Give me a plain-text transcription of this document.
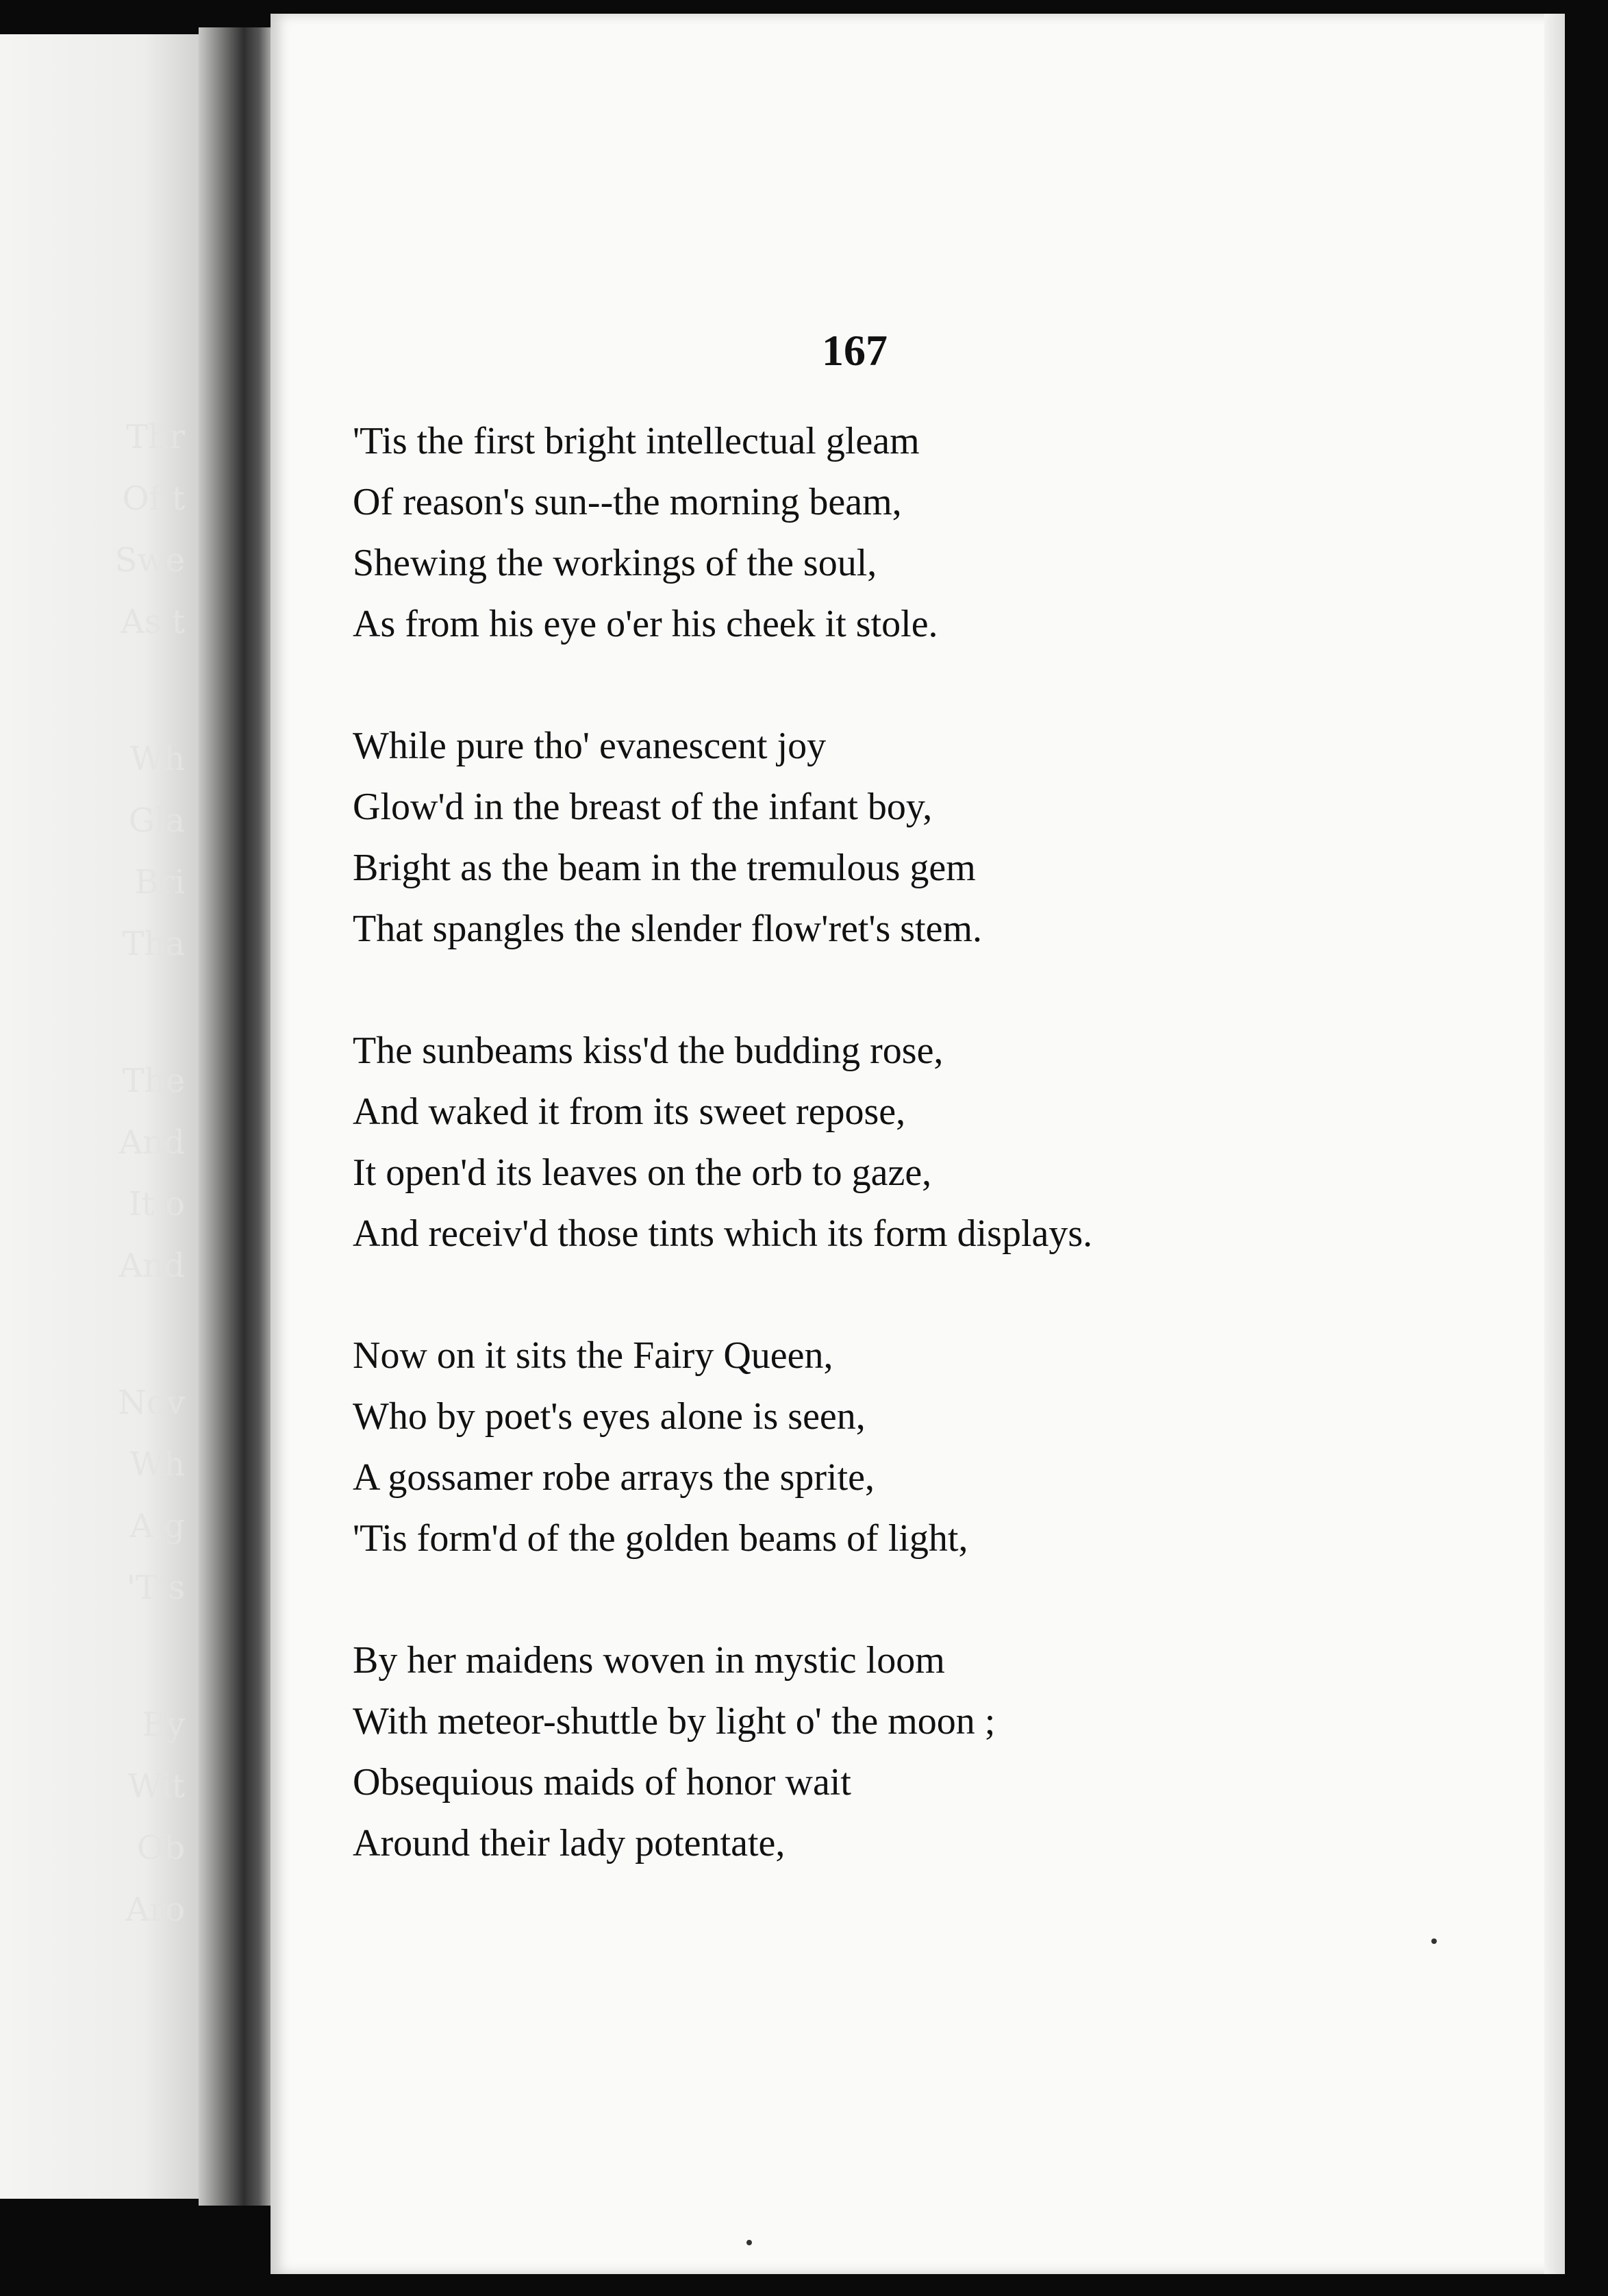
Thr
Of t
Swe
As t
Wh
Gla
Bri
Tha
The
And
It o
And
Nov
Wh
A g
'Tis
By
Wit
Ob
Aro
167
'Tis the first bright intellectual gleam
Of reason's sun--the morning beam,
Shewing the workings of the soul,
As from his eye o'er his cheek it stole.
While pure tho' evanescent joy
Glow'd in the breast of the infant boy,
Bright as the beam in the tremulous gem
That spangles the slender flow'ret's stem.
The sunbeams kiss'd the budding rose,
And waked it from its sweet repose,
It open'd its leaves on the orb to gaze,
And receiv'd those tints which its form displays.
Now on it sits the Fairy Queen,
Who by poet's eyes alone is seen,
A gossamer robe arrays the sprite,
'Tis form'd of the golden beams of light,
By her maidens woven in mystic loom
With meteor-shuttle by light o' the moon ;
Obsequious maids of honor wait
Around their lady potentate,
